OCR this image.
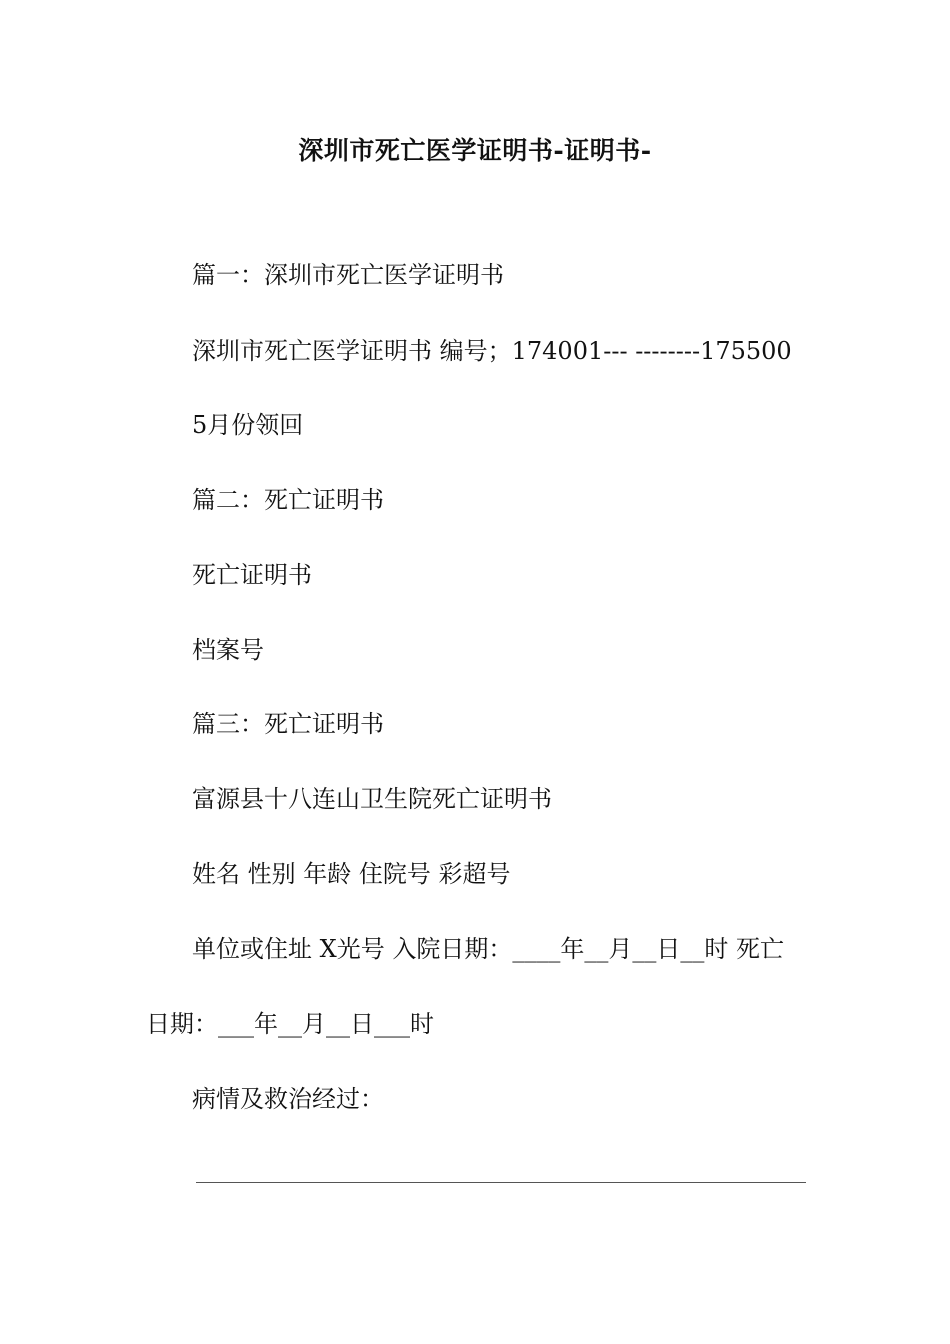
深圳市死亡医学证明书-证明书-
篇一：深圳市死亡医学证明书
深圳市死亡医学证明书 编号；174001--- --------175500
5月份领回
篇二：死亡证明书
死亡证明书
档案号
篇三：死亡证明书
富源县十八连山卫生院死亡证明书
姓名 性别 年龄 住院号 彩超号
单位或住址 X光号 入院日期：____年__月__日__时 死亡
日期：___年__月__日___时
病情及救治经过：
